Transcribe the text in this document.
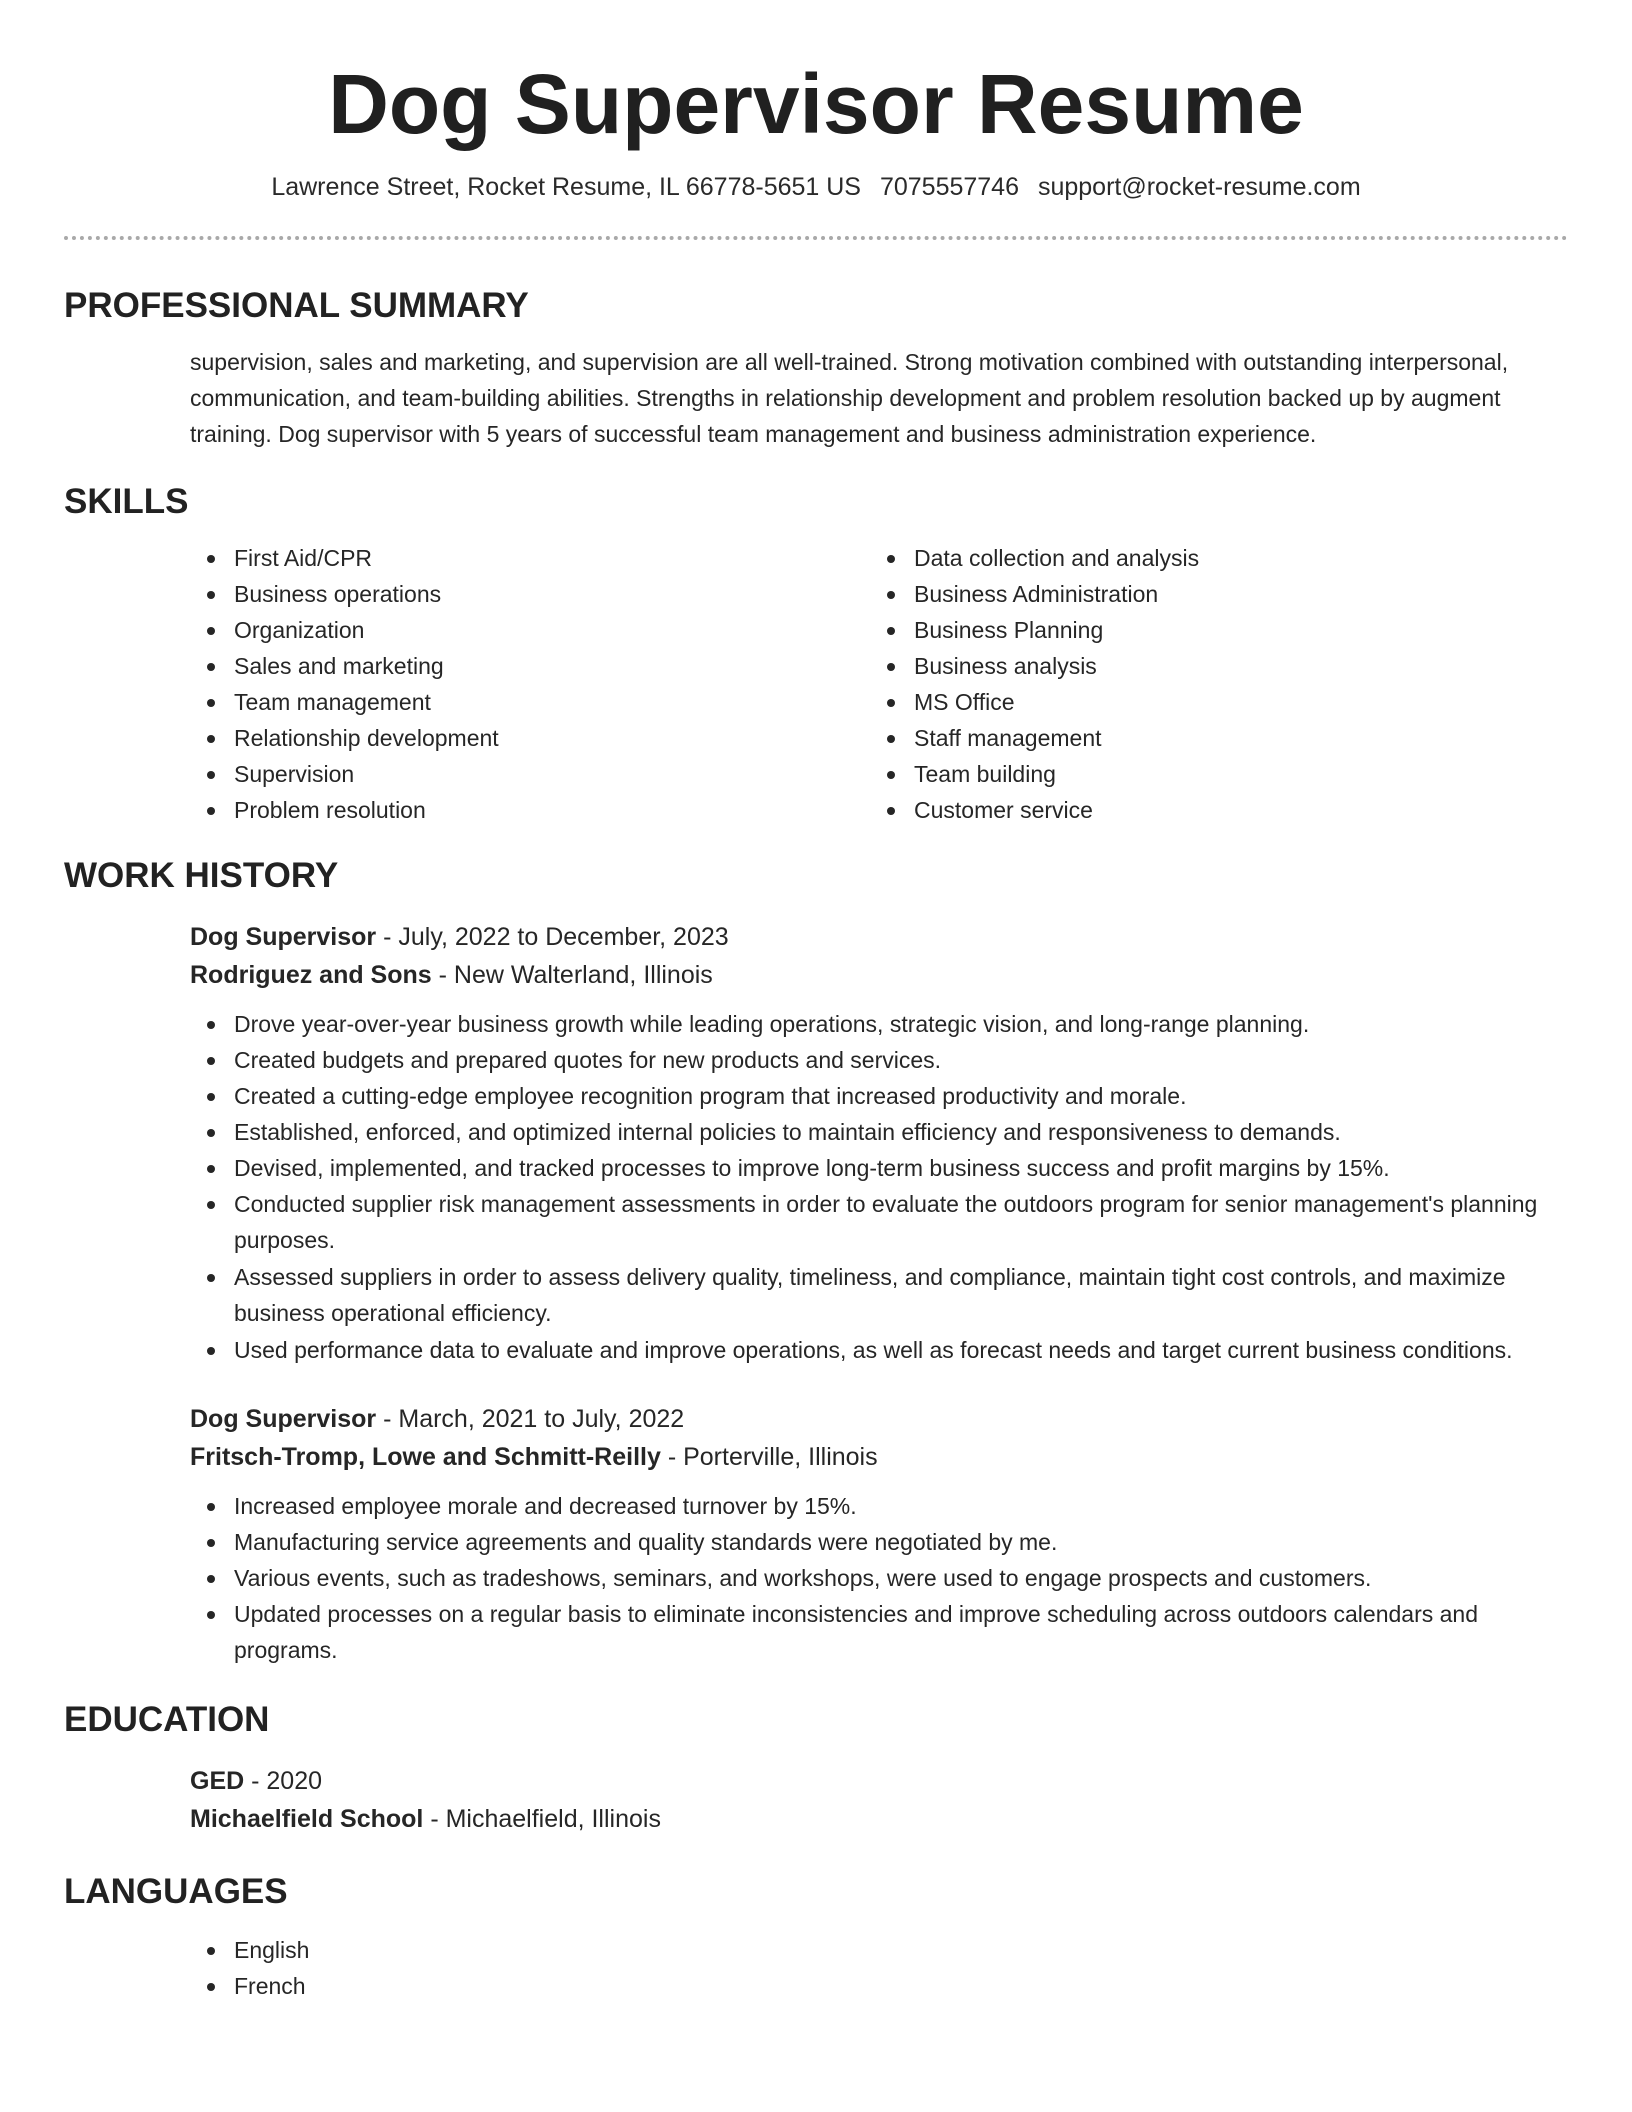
Dog Supervisor Resume
Lawrence Street, Rocket Resume, IL 66778-5651 US 7075557746 support@rocket-resume.com
PROFESSIONAL SUMMARY

supervision, sales and marketing, and supervision are all well-trained. Strong motivation combined with outstanding interpersonal, communication, and team-building abilities. Strengths in relationship development and problem resolution backed up by augment training. Dog supervisor with 5 years of successful team management and business administration experience.

SKILLS
First Aid/CPR
Business operations
Organization
Sales and marketing
Team management
Relationship development
Supervision
Problem resolution
Data collection and analysis
Business Administration
Business Planning
Business analysis
MS Office
Staff management
Team building
Customer service
WORK HISTORY
Dog Supervisor - July, 2022 to December, 2023
Rodriguez and Sons - New Walterland, Illinois
Drove year-over-year business growth while leading operations, strategic vision, and long-range planning.
Created budgets and prepared quotes for new products and services.
Created a cutting-edge employee recognition program that increased productivity and morale.
Established, enforced, and optimized internal policies to maintain efficiency and responsiveness to demands.
Devised, implemented, and tracked processes to improve long-term business success and profit margins by 15%.
Conducted supplier risk management assessments in order to evaluate the outdoors program for senior management's planning purposes.
Assessed suppliers in order to assess delivery quality, timeliness, and compliance, maintain tight cost controls, and maximize business operational efficiency.
Used performance data to evaluate and improve operations, as well as forecast needs and target current business conditions.
Dog Supervisor - March, 2021 to July, 2022
Fritsch-Tromp, Lowe and Schmitt-Reilly - Porterville, Illinois
Increased employee morale and decreased turnover by 15%.
Manufacturing service agreements and quality standards were negotiated by me.
Various events, such as tradeshows, seminars, and workshops, were used to engage prospects and customers.
Updated processes on a regular basis to eliminate inconsistencies and improve scheduling across outdoors calendars and programs.
EDUCATION
GED - 2020
Michaelfield School - Michaelfield, Illinois
LANGUAGES
English
French
